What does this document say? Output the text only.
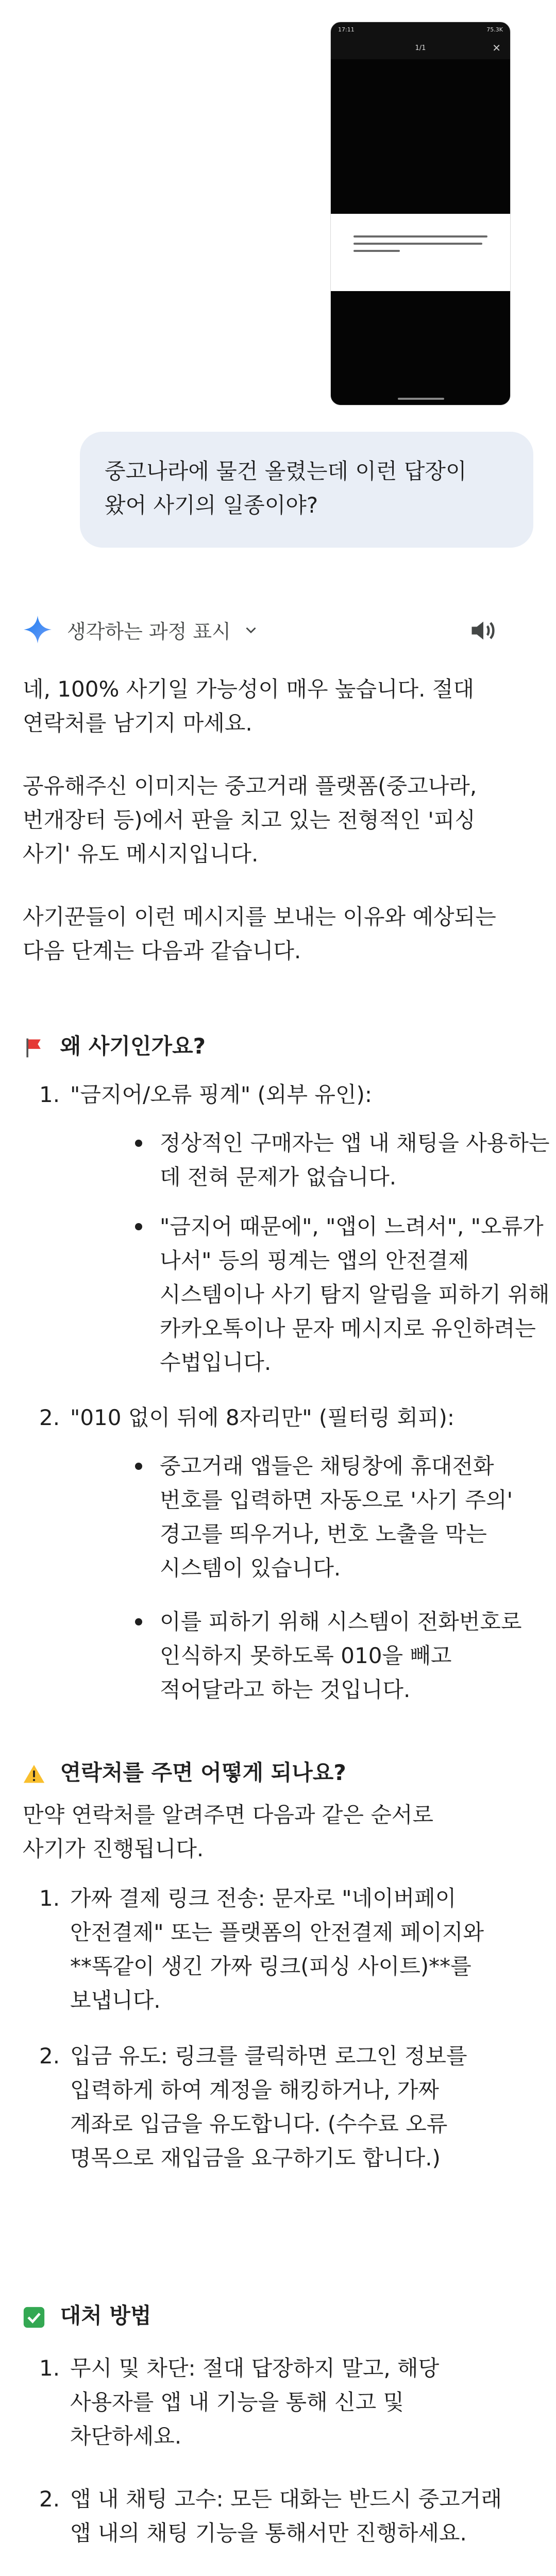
17:11	75.3K
1/1	✕
중고나라에 물건 올렸는데 이런 답장이
왔어 사기의 일종이야?
생각하는 과정 표시
네, 100% 사기일 가능성이 매우 높습니다. 절대
연락처를 남기지 마세요.
공유해주신 이미지는 중고거래 플랫폼(중고나라,
번개장터 등)에서 판을 치고 있는 전형적인 '피싱
사기' 유도 메시지입니다.
사기꾼들이 이런 메시지를 보내는 이유와 예상되는
다음 단계는 다음과 같습니다.
왜 사기인가요?
1. "금지어/오류 핑계" (외부 유인):
정상적인 구매자는 앱 내 채팅을 사용하는
데 전혀 문제가 없습니다.
"금지어 때문에", "앱이 느려서", "오류가
나서" 등의 핑계는 앱의 안전결제
시스템이나 사기 탐지 알림을 피하기 위해
카카오톡이나 문자 메시지로 유인하려는
수법입니다.
2. "010 없이 뒤에 8자리만" (필터링 회피):
중고거래 앱들은 채팅창에 휴대전화
번호를 입력하면 자동으로 '사기 주의'
경고를 띄우거나, 번호 노출을 막는
시스템이 있습니다.
이를 피하기 위해 시스템이 전화번호로
인식하지 못하도록 010을 빼고
적어달라고 하는 것입니다.
연락처를 주면 어떻게 되나요?
만약 연락처를 알려주면 다음과 같은 순서로
사기가 진행됩니다.
1. 가짜 결제 링크 전송: 문자로 "네이버페이
안전결제" 또는 플랫폼의 안전결제 페이지와
**똑같이 생긴 가짜 링크(피싱 사이트)**를
보냅니다.
2. 입금 유도: 링크를 클릭하면 로그인 정보를
입력하게 하여 계정을 해킹하거나, 가짜
계좌로 입금을 유도합니다. (수수료 오류
명목으로 재입금을 요구하기도 합니다.)
대처 방법
1. 무시 및 차단: 절대 답장하지 말고, 해당
사용자를 앱 내 기능을 통해 신고 및
차단하세요.
2. 앱 내 채팅 고수: 모든 대화는 반드시 중고거래
앱 내의 채팅 기능을 통해서만 진행하세요.
